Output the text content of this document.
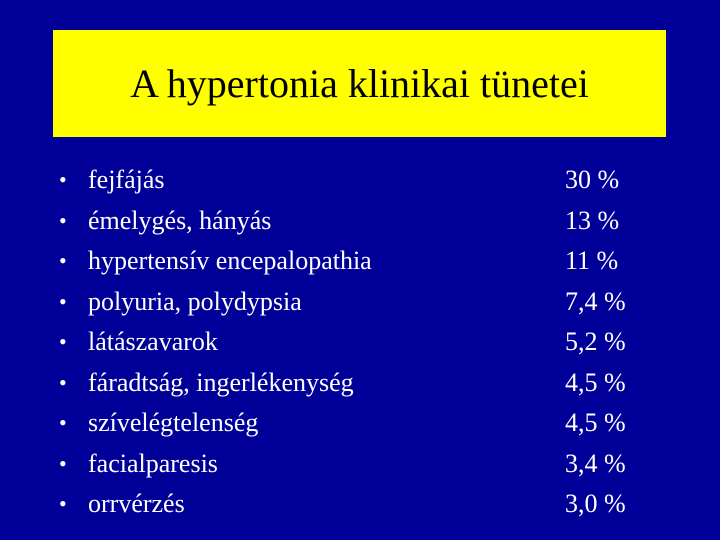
A hypertonia klinikai tünetei
• fejfájás	30 %
• émelygés, hányás	13 %
• hypertensív encepalopathia	11 %
• polyuria, polydypsia	7,4 %
• látászavarok	5,2 %
• fáradtság, ingerlékenység	4,5 %
• szívelégtelenség	4,5 %
• facialparesis	3,4 %
• orrvérzés	3,0 %
